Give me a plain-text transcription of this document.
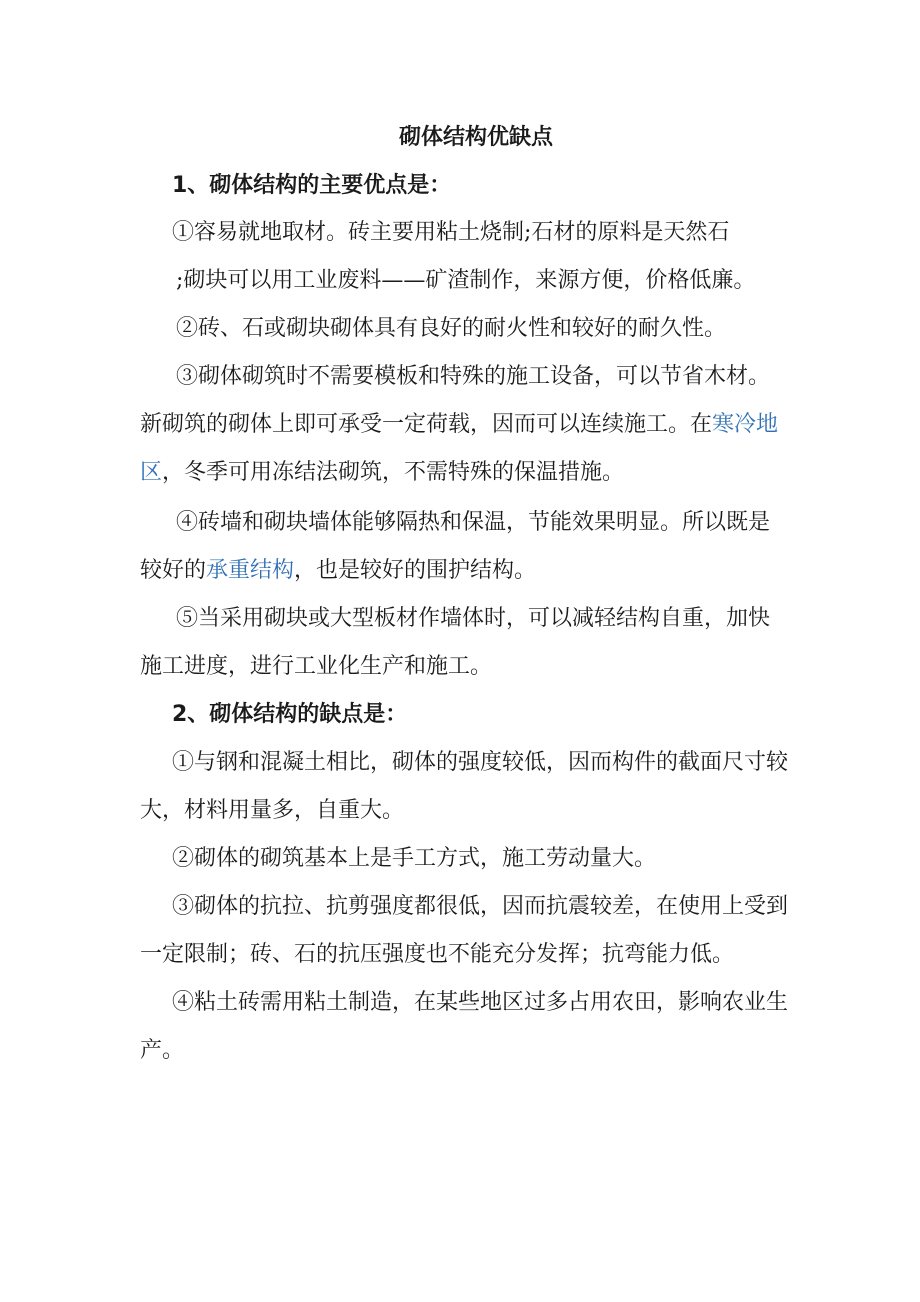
砌体结构优缺点
1、砌体结构的主要优点是：
①容易就地取材。砖主要用粘土烧制;石材的原料是天然石
;砌块可以用工业废料——矿渣制作，来源方便，价格低廉。
②砖、石或砌块砌体具有良好的耐火性和较好的耐久性。
③砌体砌筑时不需要模板和特殊的施工设备，可以节省木材。
新砌筑的砌体上即可承受一定荷载，因而可以连续施工。在寒冷地
区，冬季可用冻结法砌筑，不需特殊的保温措施。
④砖墙和砌块墙体能够隔热和保温，节能效果明显。所以既是
较好的承重结构，也是较好的围护结构。
⑤当采用砌块或大型板材作墙体时，可以减轻结构自重，加快
施工进度，进行工业化生产和施工。
2、砌体结构的缺点是：
①与钢和混凝土相比，砌体的强度较低，因而构件的截面尺寸较
大，材料用量多，自重大。
②砌体的砌筑基本上是手工方式，施工劳动量大。
③砌体的抗拉、抗剪强度都很低，因而抗震较差，在使用上受到
一定限制；砖、石的抗压强度也不能充分发挥；抗弯能力低。
④粘土砖需用粘土制造，在某些地区过多占用农田，影响农业生
产。
